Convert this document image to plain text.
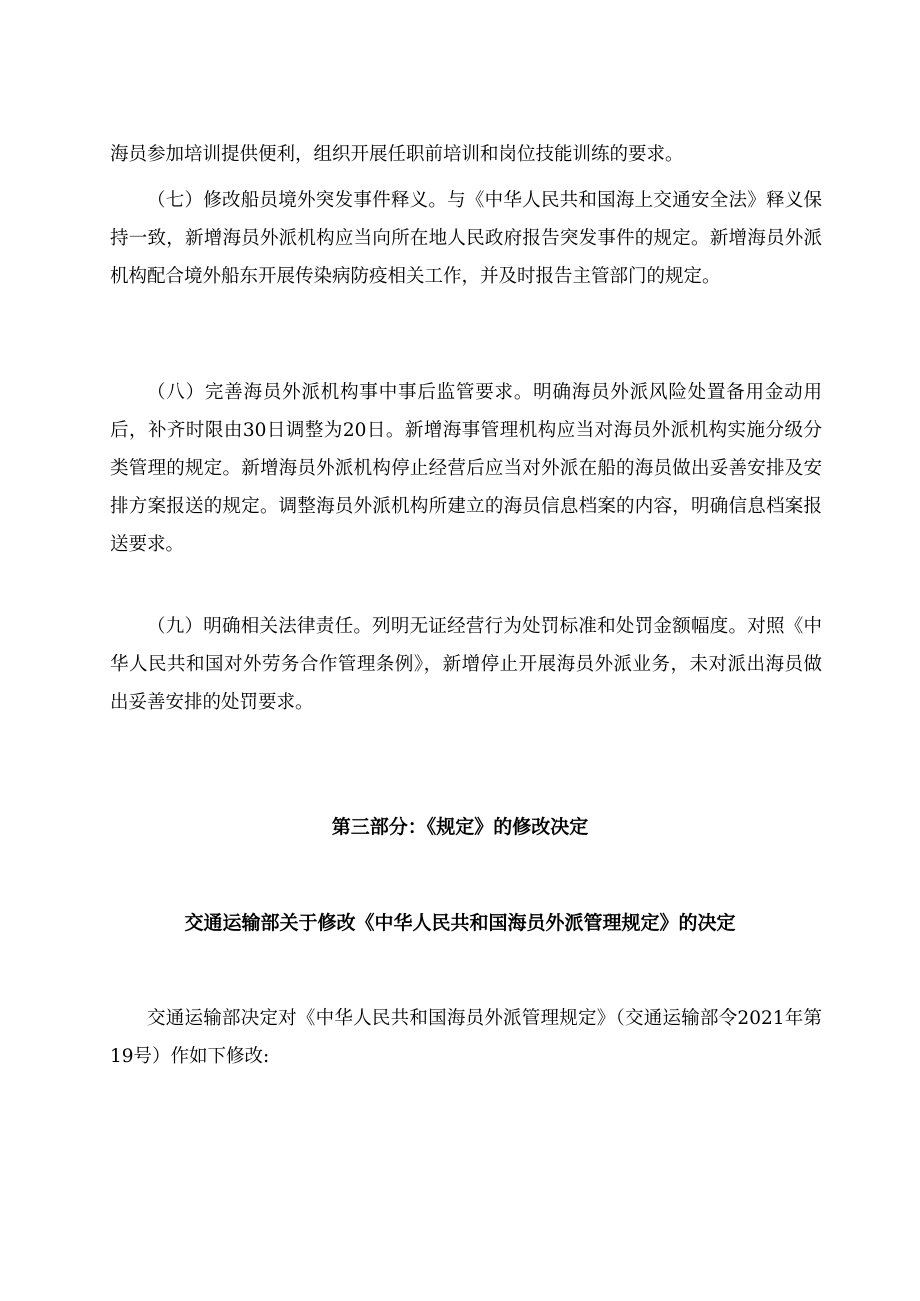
海员参加培训提供便利，组织开展任职前培训和岗位技能训练的要求。

（七）修改船员境外突发事件释义。与《中华人民共和国海上交通安全法》释义保持一致，新增海员外派机构应当向所在地人民政府报告突发事件的规定。新增海员外派机构配合境外船东开展传染病防疫相关工作，并及时报告主管部门的规定。

（八）完善海员外派机构事中事后监管要求。明确海员外派风险处置备用金动用后，补齐时限由30日调整为20日。新增海事管理机构应当对海员外派机构实施分级分类管理的规定。新增海员外派机构停止经营后应当对外派在船的海员做出妥善安排及安排方案报送的规定。调整海员外派机构所建立的海员信息档案的内容，明确信息档案报送要求。

（九）明确相关法律责任。列明无证经营行为处罚标准和处罚金额幅度。对照《中华人民共和国对外劳务合作管理条例》，新增停止开展海员外派业务，未对派出海员做出妥善安排的处罚要求。

第三部分：《规定》的修改决定
交通运输部关于修改《中华人民共和国海员外派管理规定》的决定

交通运输部决定对《中华人民共和国海员外派管理规定》（交通运输部令2021年第19号）作如下修改:
